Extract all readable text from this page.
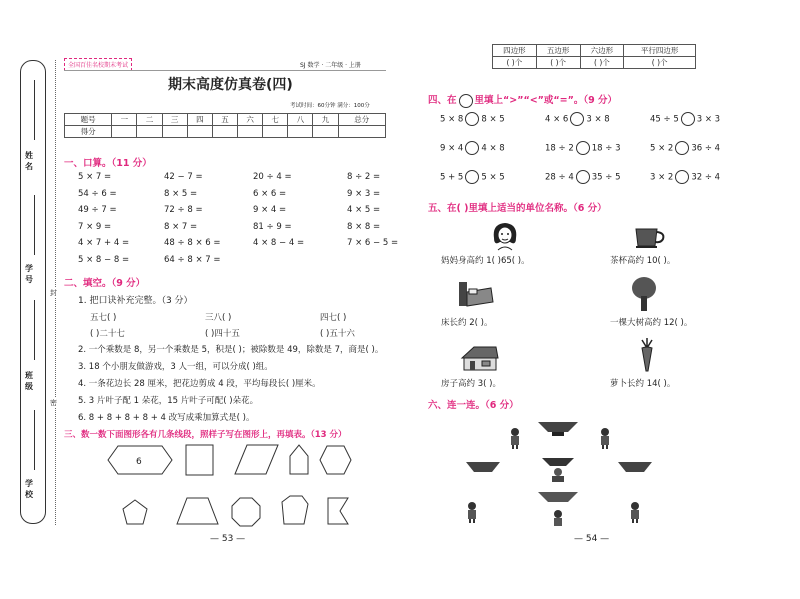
姓名
学号
班级
学校
封
密
全国百佳名校期末考试	SJ 数学 · 二年级 · 上册
期末高度仿真卷(四)
考试时间：60分钟 满分：100分
题号	一	二	三	四	五	六	七	八	九	总分
得分										
一、口算。（11 分）
5 × 7 =	42 − 7 =	20 ÷ 4 =	8 ÷ 2 =
54 ÷ 6 =	8 × 5 =	6 × 6 =	9 × 3 =
49 ÷ 7 =	72 ÷ 8 =	9 × 4 =	4 × 5 =
7 × 9 =	8 × 7 =	81 ÷ 9 =	8 × 8 =
4 × 7 + 4 =	48 ÷ 8 × 6 =	4 × 8 − 4 =	7 × 6 − 5 =
5 × 8 − 8 =	64 ÷ 8 × 7 =
二、填空。（9 分）
1. 把口诀补充完整。（3 分）
五七( )	三八( )	四七( )
( )二十七	( )四十五	( )五十六
2. 一个乘数是 8，另一个乘数是 5，积是( )；被除数是 49，除数是 7，商是( )。
3. 18 个小朋友做游戏，3 人一组，可以分成( )组。
4. 一条花边长 28 厘米，把花边剪成 4 段，平均每段长( )厘米。
5. 3 片叶子配 1 朵花，15 片叶子可配( )朵花。
6. 8 + 8 + 8 + 8 + 4 改写成乘加算式是( )。
三、数一数下面图形各有几条线段，照样子写在图形上，再填表。（13 分）
6
— 53 —
四边形	五边形	六边形	平行四边形
( )个	( )个	( )个	( )个
四、在 里填上“>”“<”或“=”。（9 分）
5 × 8 8 × 5	4 × 6 3 × 8	45 ÷ 5 3 × 3
9 × 4 4 × 8	18 ÷ 2 18 ÷ 3	5 × 2 36 ÷ 4
5 + 5 5 × 5	28 ÷ 4 35 ÷ 5	3 × 2 32 ÷ 4
五、在( )里填上适当的单位名称。（6 分）
妈妈身高约 1( )65( )。	茶杯高约 10( )。
床长约 2( )。	一棵大树高约 12( )。
房子高约 3( )。	萝卜长约 14( )。
六、连一连。（6 分）
— 54 —
